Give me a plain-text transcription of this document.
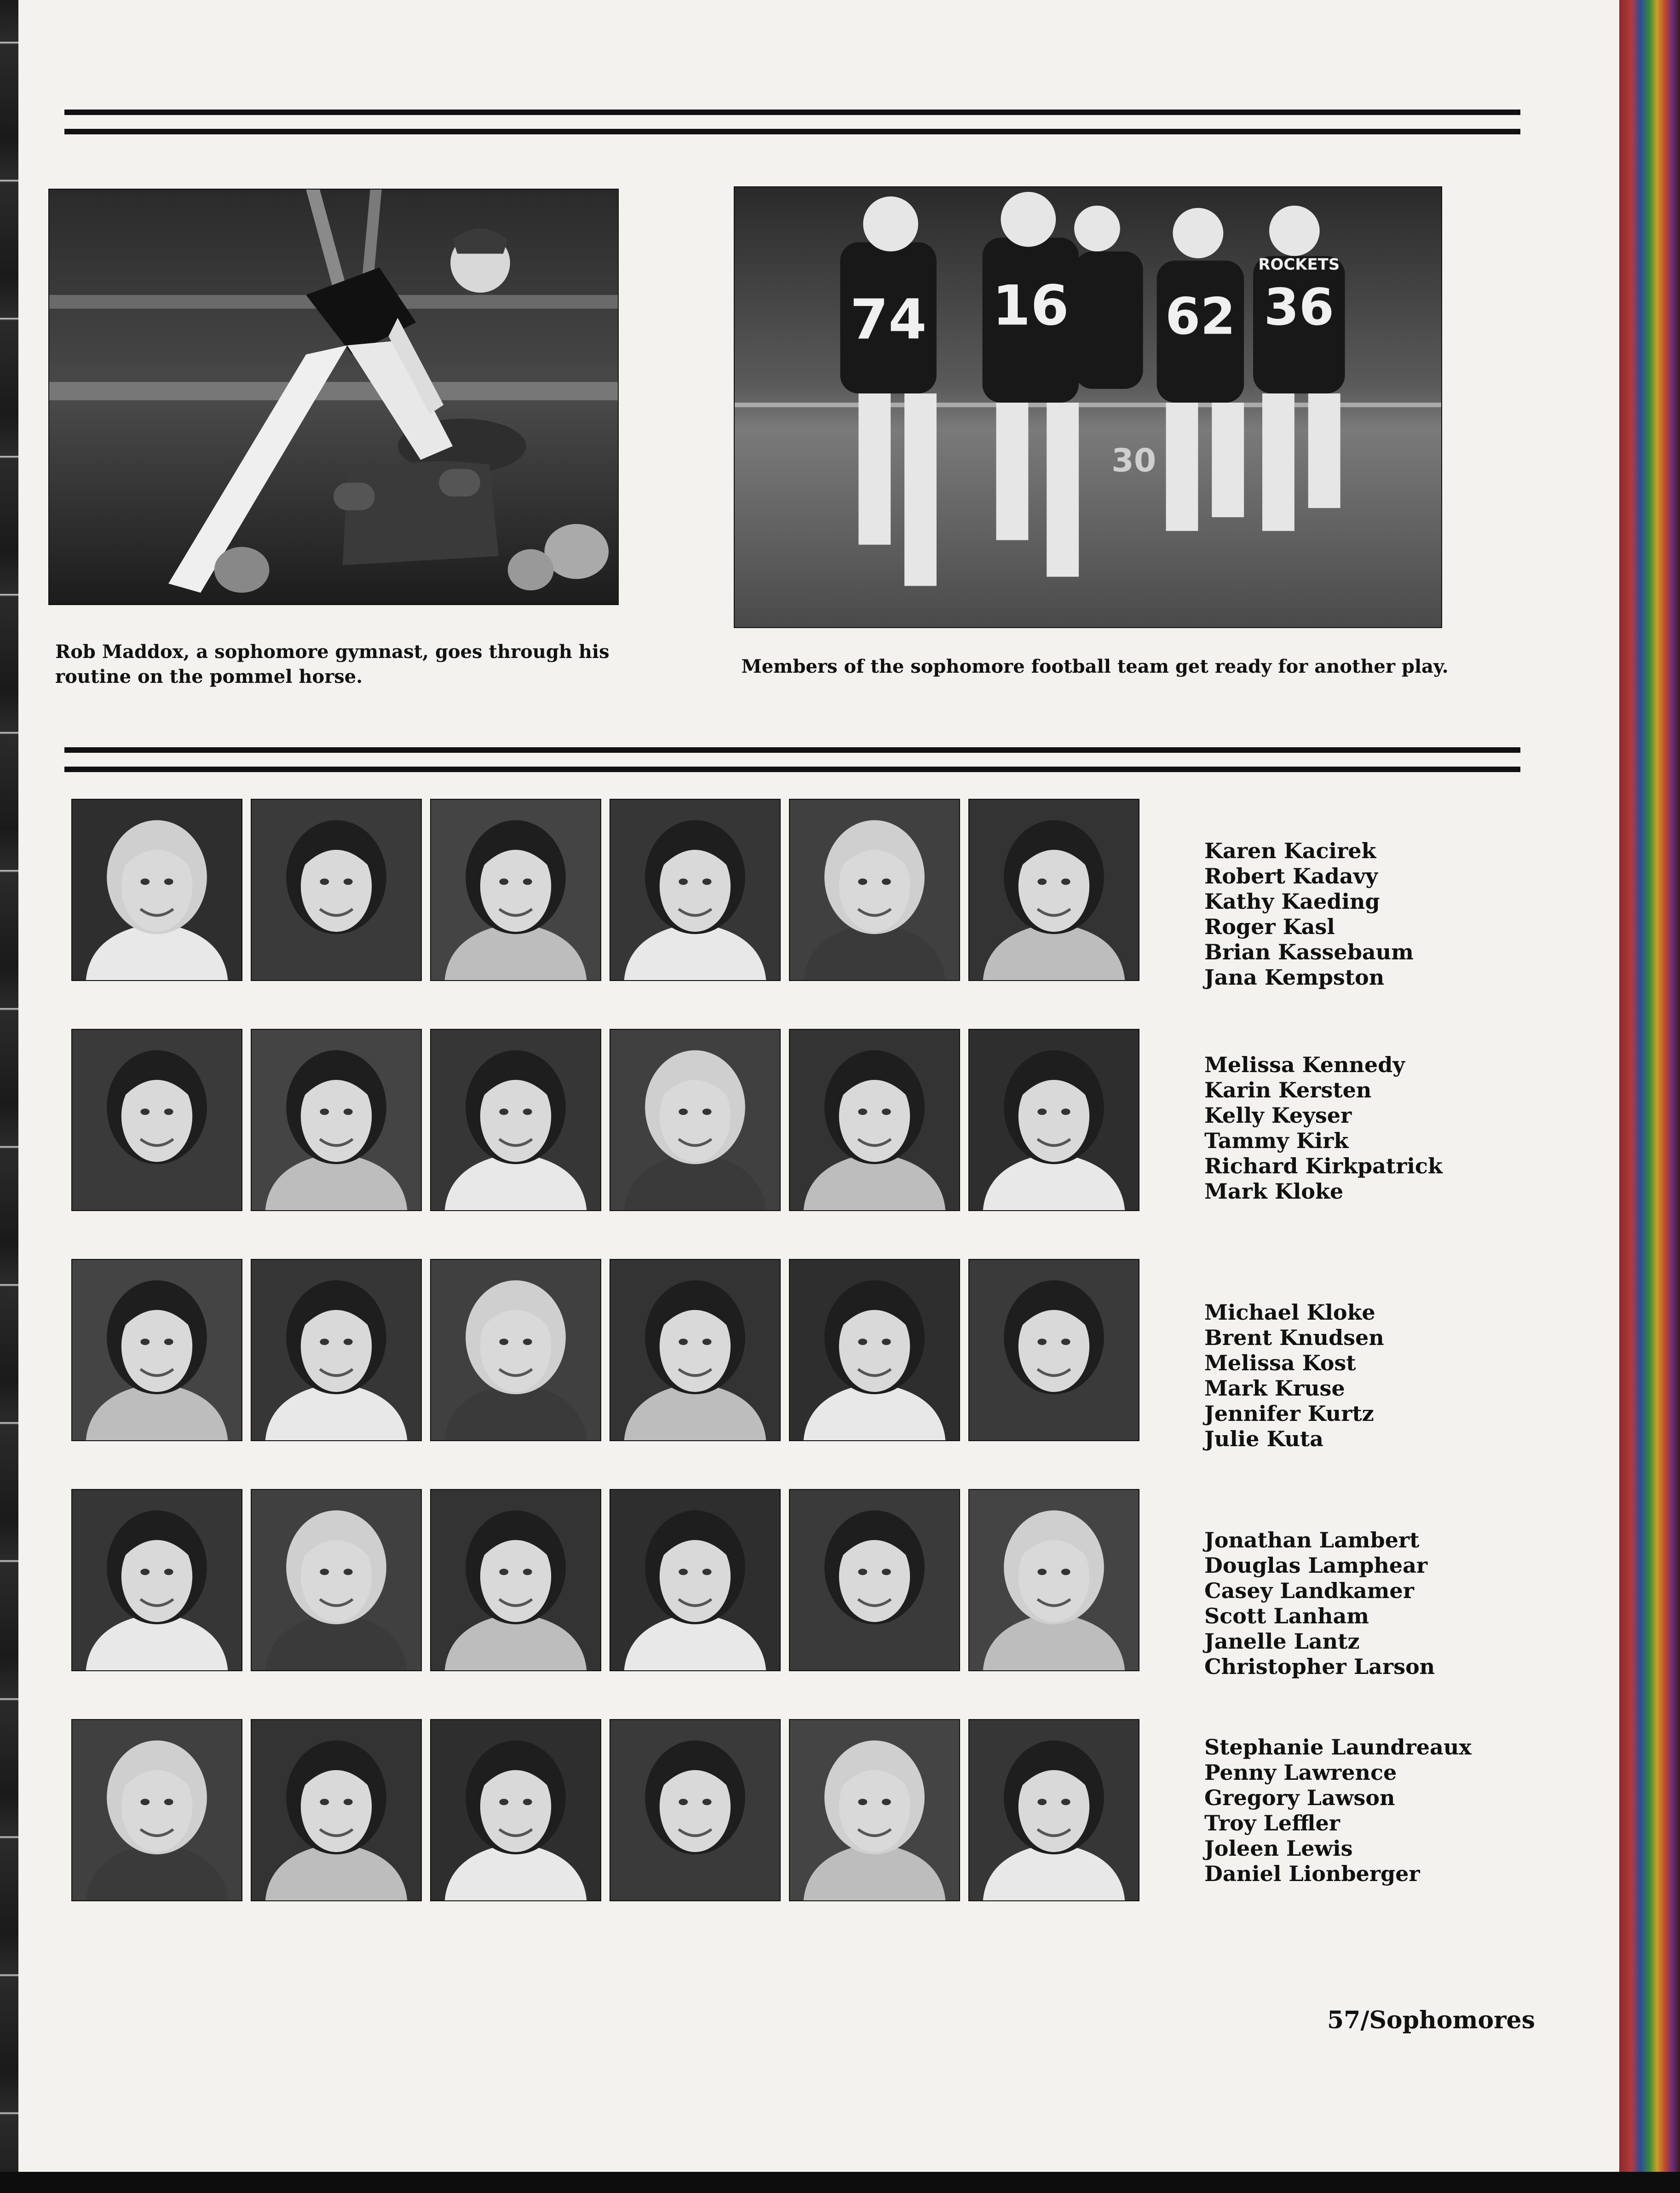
Rob Maddox, a sophomore gymnast, goes through his routine on the pommel horse.
74 16 62 36
ROCKETS
30
Members of the sophomore football team get ready for another play.
Karen Kacirek
Robert Kadavy
Kathy Kaeding
Roger Kasl
Brian Kassebaum
Jana Kempston
Melissa Kennedy
Karin Kersten
Kelly Keyser
Tammy Kirk
Richard Kirkpatrick
Mark Kloke
Michael Kloke
Brent Knudsen
Melissa Kost
Mark Kruse
Jennifer Kurtz
Julie Kuta
Jonathan Lambert
Douglas Lamphear
Casey Landkamer
Scott Lanham
Janelle Lantz
Christopher Larson
Stephanie Laundreaux
Penny Lawrence
Gregory Lawson
Troy Leffler
Joleen Lewis
Daniel Lionberger
57/Sophomores
